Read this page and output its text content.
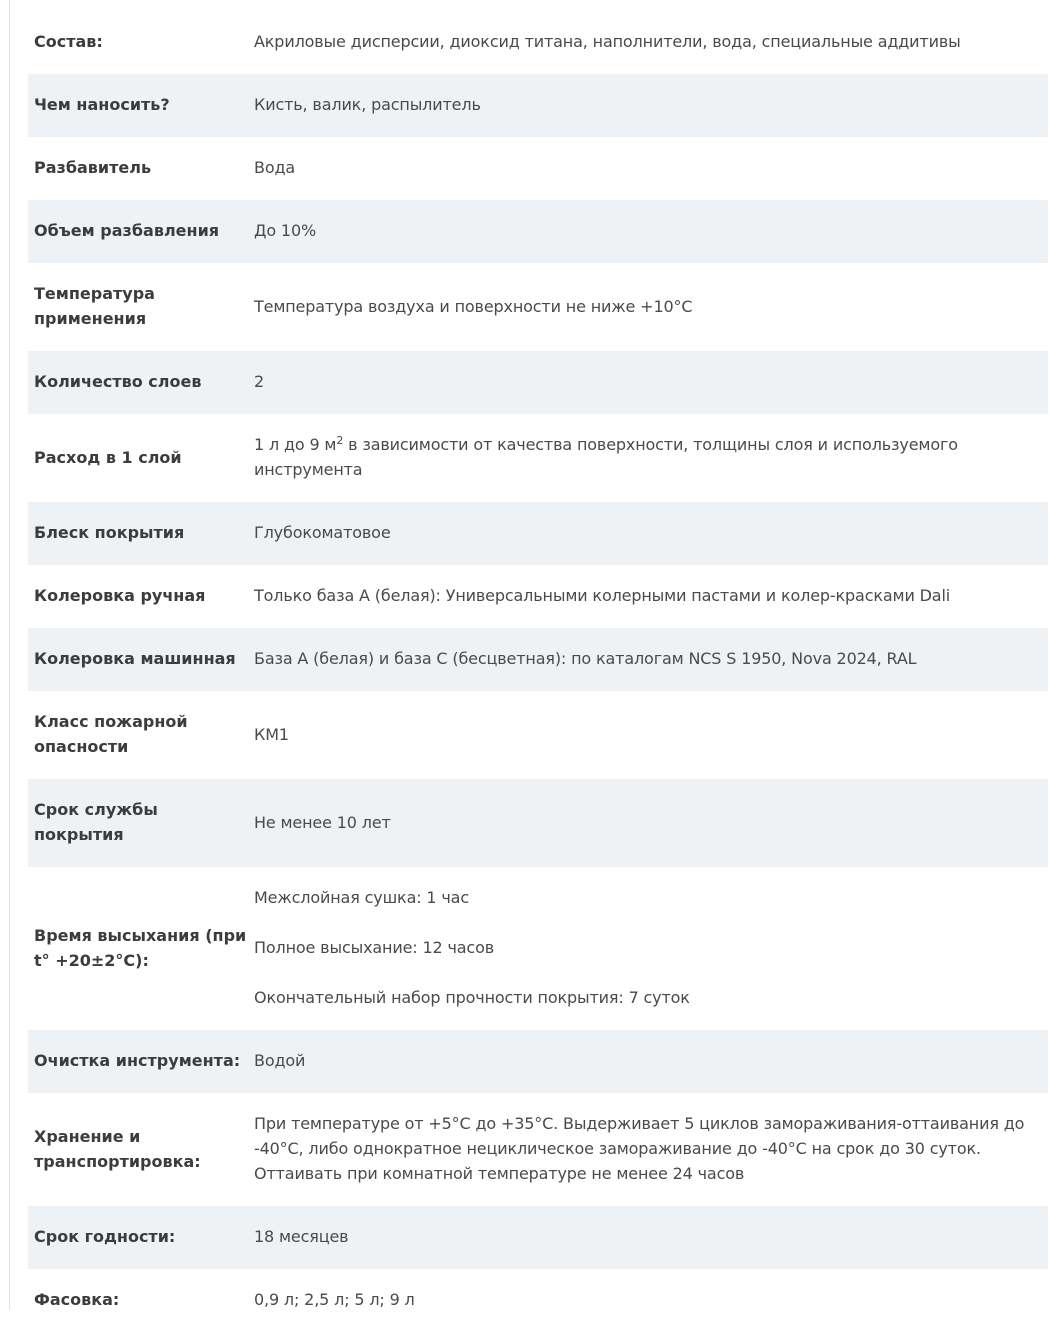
Состав:	Акриловые дисперсии, диоксид титана, наполнители, вода, специальные аддитивы
Чем наносить?	Кисть, валик, распылитель
Разбавитель	Вода
Объем разбавления	До 10%
Температура применения	Температура воздуха и поверхности не ниже +10°С
Количество слоев	2
Расход в 1 слой	1 л до 9 $м^2$ в зависимости от качества поверхности, толщины слоя и используемого инструмента
Блеск покрытия	Глубокоматовое
Колеровка ручная	Только база А (белая): Универсальными колерными пастами и колер-красками Dali
Колеровка машинная	База А (белая) и база С (бесцветная): по каталогам NCS S 1950, Nova 2024, RAL
Класс пожарной опасности	КМ1
Срок службы покрытия	Не менее 10 лет
Время высыхания (при t° +20±2°С):	Межслойная сушка: 1 час

Полное высыхание: 12 часов

Окончательный набор прочности покрытия: 7 суток

Очистка инструмента:	Водой
Хранение и транспортировка:	При температуре от +5°С до +35°С. Выдерживает 5 циклов замораживания-оттаивания до -40°С, либо однократное нециклическое замораживание до -40°С на срок до 30 суток. Оттаивать при комнатной температуре не менее 24 часов
Срок годности:	18 месяцев
Фасовка:	0,9 л; 2,5 л; 5 л; 9 л
